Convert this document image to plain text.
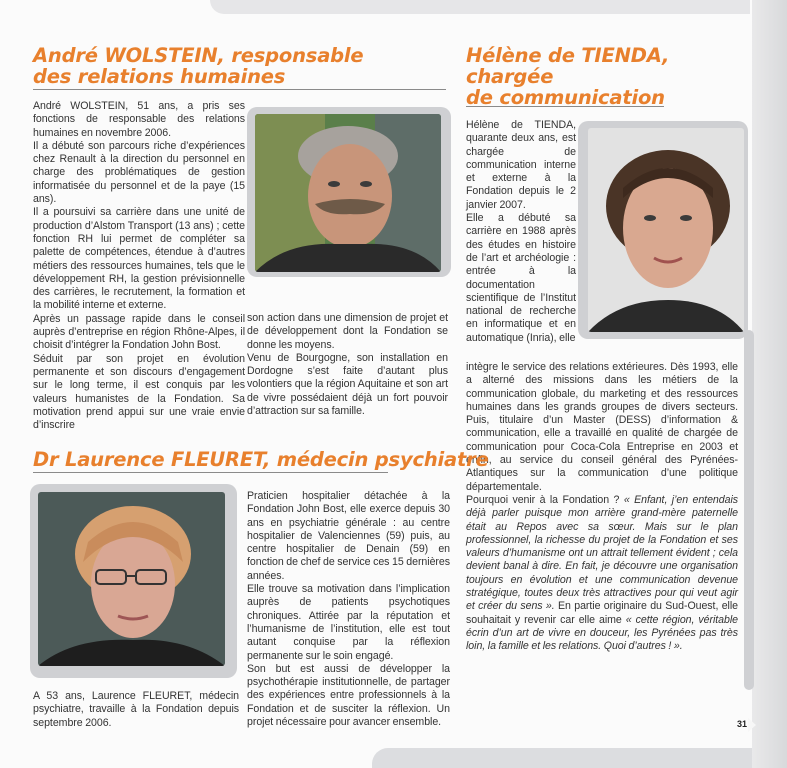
André WOLSTEIN, responsable
des relations humaines

André WOLSTEIN, 51 ans, a pris ses fonctions de responsable des relations humaines en novembre 2006.

Il a débuté son parcours riche d’expériences chez Renault à la direction du personnel en charge des problématiques de gestion informatisée du personnel et de la paye (15 ans).

Il a poursuivi sa carrière dans une unité de production d’Alstom Transport (13 ans) ; cette fonction RH lui permet de compléter sa palette de compétences, étendue à d’autres métiers des ressources humaines, tels que le développement RH, la gestion prévisionnelle des carrières, le recrutement, la formation et la mobilité interne et externe.

Après un passage rapide dans le conseil auprès d’entreprise en région Rhône-Alpes, il choisit d’intégrer la Fondation John Bost.

Séduit par son projet en évolution permanente et son discours d’engagement sur le long terme, il est conquis par les valeurs humanistes de la Fondation. Sa motivation prend appui sur une vraie envie d’inscrire

son action dans une dimension de projet et de développement dont la Fondation se donne les moyens.

Venu de Bourgogne, son installation en Dordogne s’est faite d’autant plus volontiers que la région Aquitaine et son art de vivre possédaient déjà un fort pouvoir d’attraction sur sa famille.

Hélène de TIENDA,
chargée
de communication

Hélène de TIENDA, quarante deux ans, est chargée de communication interne et externe à la Fondation depuis le 2 janvier 2007.

Elle a débuté sa carrière en 1988 après des études en histoire de l’art et archéologie : entrée à la documentation scientifique de l’Institut national de recherche en informatique et en automatique (Inria), elle

intègre le service des relations extérieures. Dès 1993, elle a alterné des missions dans les métiers de la communication globale, du marketing et des ressources humaines dans les grands groupes de divers secteurs. Puis, titulaire d’un Master (DESS) d’information & communication, elle a travaillé en qualité de chargée de communication pour Coca-Cola Entreprise en 2003 et enfin, au service du conseil général des Pyrénées-Atlantiques sur la communication d’une politique départementale.

Pourquoi venir à la Fondation ? « Enfant, j’en entendais déjà parler puisque mon arrière grand-mère paternelle était au Repos avec sa sœur. Mais sur le plan professionnel, la richesse du projet de la Fondation et ses valeurs d’humanisme ont un attrait tellement évident ; cela devient banal à dire. En fait, je découvre une organisation toujours en évolution et une communication devenue stratégique, toutes deux très attractives pour qui veut agir et créer du sens ». En partie originaire du Sud-Ouest, elle souhaitait y revenir car elle aime « cette région, véritable écrin d’un art de vivre en douceur, les Pyrénées pas très loin, la famille et les relations. Quoi d’autres ! ».

Dr Laurence FLEURET, médecin psychiatre
A 53 ans, Laurence FLEURET, médecin psychiatre, travaille à la Fondation depuis septembre 2006.

Praticien hospitalier détachée à la Fondation John Bost, elle exerce depuis 30 ans en psychiatrie générale : au centre hospitalier de Valenciennes (59) puis, au centre hospitalier de Denain (59) en fonction de chef de service ces 15 dernières années.

Elle trouve sa motivation dans l’implication auprès de patients psychotiques chroniques. Attirée par la réputation et l’humanisme de l’institution, elle est tout autant conquise par la réflexion permanente sur le soin engagé.

Son but est aussi de développer la psychothérapie institutionnelle, de partager des expériences entre professionnels à la Fondation et de susciter la réflexion. Un projet nécessaire pour avancer ensemble.	31
